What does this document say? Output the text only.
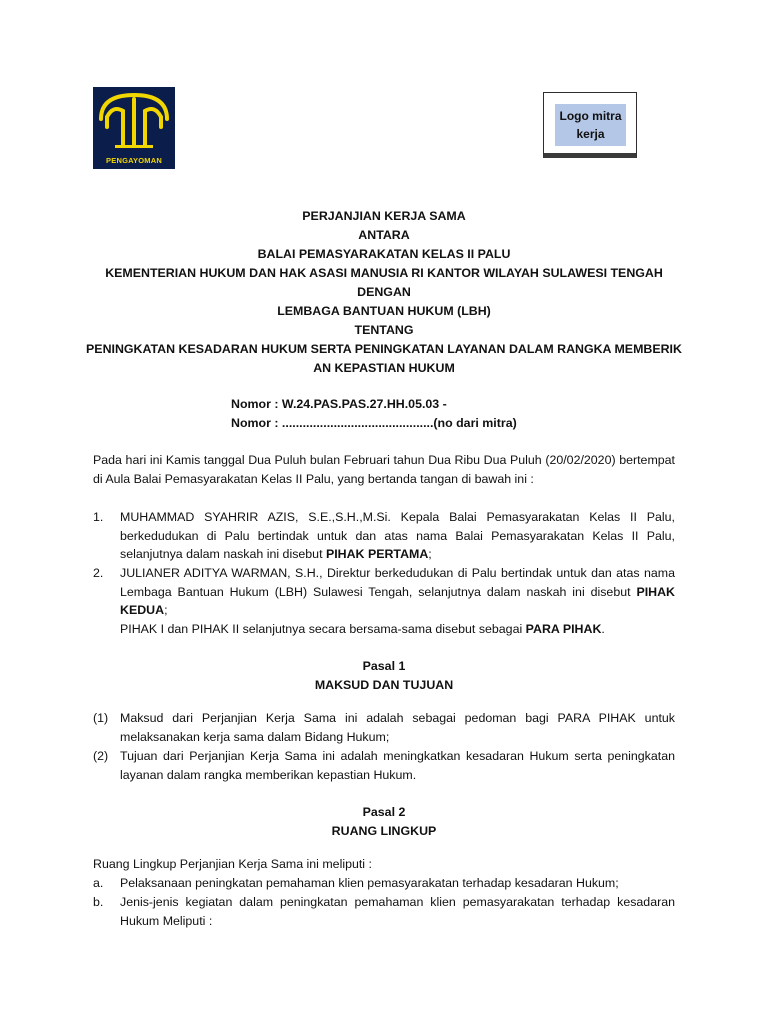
PENGAYOMAN
Logo mitra kerja
PERJANJIAN KERJA SAMA
ANTARA
BALAI PEMASYARAKATAN KELAS II PALU
KEMENTERIAN HUKUM DAN HAK ASASI MANUSIA RI KANTOR WILAYAH SULAWESI TENGAH
DENGAN
LEMBAGA BANTUAN HUKUM (LBH)
TENTANG
PENINGKATAN KESADARAN HUKUM SERTA PENINGKATAN LAYANAN DALAM RANGKA MEMBERIK
AN KEPASTIAN HUKUM
Nomor : W.24.PAS.PAS.27.HH.05.03 -
Nomor : ............................................(no dari mitra)
Pada hari ini Kamis tanggal Dua Puluh bulan Februari tahun Dua Ribu Dua Puluh (20/02/2020) bertempat di Aula Balai Pemasyarakatan Kelas II Palu, yang bertanda tangan di bawah ini :
1. MUHAMMAD SYAHRIR AZIS, S.E.,S.H.,M.Si. Kepala Balai Pemasyarakatan Kelas II Palu, berkedudukan di Palu bertindak untuk dan atas nama Balai Pemasyarakatan Kelas II Palu, selanjutnya dalam naskah ini disebut PIHAK PERTAMA;
2. JULIANER ADITYA WARMAN, S.H., Direktur berkedudukan di Palu bertindak untuk dan atas nama Lembaga Bantuan Hukum (LBH) Sulawesi Tengah, selanjutnya dalam naskah ini disebut PIHAK KEDUA;
PIHAK I dan PIHAK II selanjutnya secara bersama-sama disebut sebagai PARA PIHAK.
Pasal 1
MAKSUD DAN TUJUAN
(1) Maksud dari Perjanjian Kerja Sama ini adalah sebagai pedoman bagi PARA PIHAK untuk melaksanakan kerja sama dalam Bidang Hukum;
(2) Tujuan dari Perjanjian Kerja Sama ini adalah meningkatkan kesadaran Hukum serta peningkatan layanan dalam rangka memberikan kepastian Hukum.
Pasal 2
RUANG LINGKUP
Ruang Lingkup Perjanjian Kerja Sama ini meliputi :
a. Pelaksanaan peningkatan pemahaman klien pemasyarakatan terhadap kesadaran Hukum;
b. Jenis-jenis kegiatan dalam peningkatan pemahaman klien pemasyarakatan terhadap kesadaran Hukum Meliputi :
